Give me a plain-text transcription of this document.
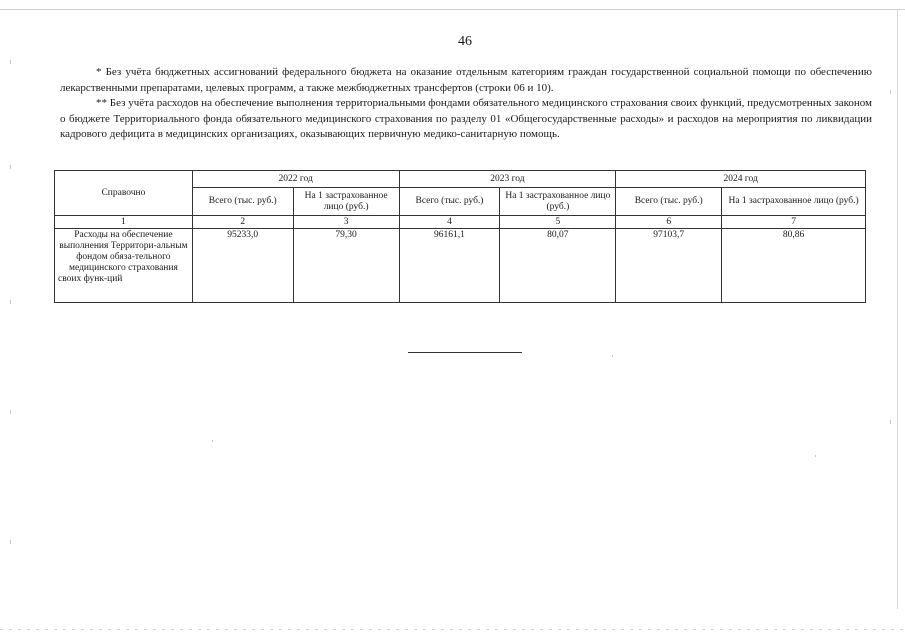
46

* Без учёта бюджетных ассигнований федерального бюджета на оказание отдельным категориям граждан государственной социальной помощи по обеспечению лекарственными препаратами, целевых программ, а также межбюджетных трансфертов (строки 06 и 10).

** Без учёта расходов на обеспечение выполнения территориальными фондами обязательного медицинского страхования своих функций, предусмотренных законом о бюджете Территориального фонда обязательного медицинского страхования по разделу 01 «Общегосударственные расходы» и расходов на мероприятия по ликвидации кадрового дефицита в медицинских организациях, оказывающих первичную медико-санитарную помощь.

Справочно	2022 год		2023 год		2024 год	
	Всего (тыс. руб.)	На 1 застрахованное лицо (руб.)	Всего (тыс. руб.)	На 1 застрахованное лицо (руб.)	Всего (тыс. руб.)	На 1 застрахованное лицо (руб.)
1	2	3	4	5	6	7
Расходы на обеспечение выполнения Территори-альным фондом обяза-тельного медицинского страхования своих функ-ций	95233,0	79,30	96161,1	80,07	97103,7	80,86
